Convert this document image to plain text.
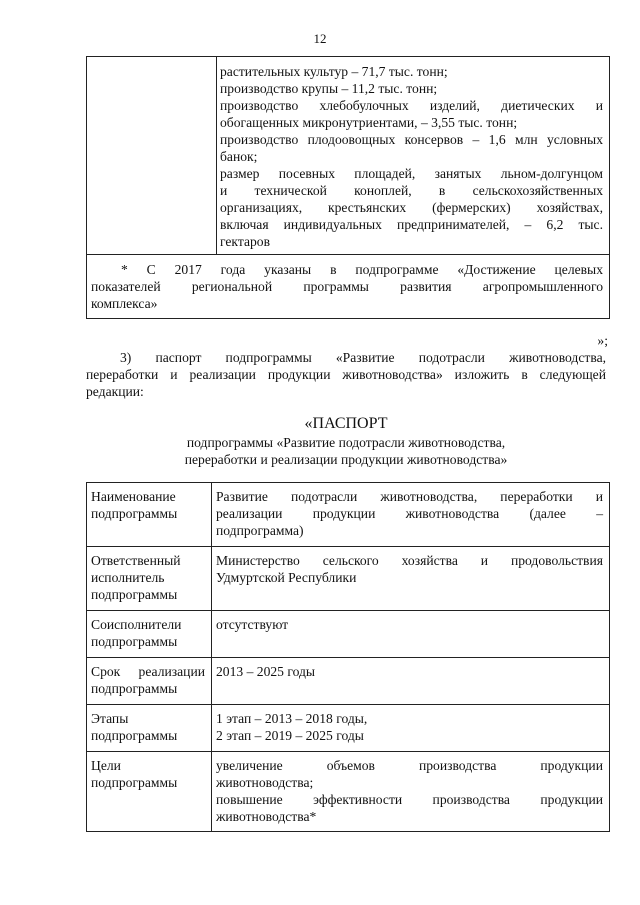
12

растительных культур – 71,7 тыс. тонн;
производство крупы – 11,2 тыс. тонн;
производство хлебобулочных изделий, диетических и
обогащенных микронутриентами, – 3,55 тыс. тонн;
производство плодоовощных консервов – 1,6 млн условных
банок;
размер посевных площадей, занятых льном-долгунцом
и технической коноплей, в сельскохозяйственных
организациях, крестьянских (фермерских) хозяйствах,
включая индивидуальных предпринимателей, – 6,2 тыс.
гектаров

* С 2017 года указаны в подпрограмме «Достижение целевых
показателей региональной программы развития агропромышленного
комплекса»
»;
3) паспорт подпрограммы «Развитие подотрасли животноводства,
переработки и реализации продукции животноводства» изложить в следующей
редакции:
«ПАСПОРТ
подпрограммы «Развитие подотрасли животноводства,
переработки и реализации продукции животноводства»
Наименование
подпрограммы	Развитие подотрасли животноводства, переработки и
реализации продукции животноводства (далее –
подпрограмма)

Ответственный
исполнитель
подпрограммы	Министерство сельского хозяйства и продовольствия
Удмуртской Республики

Соисполнители
подпрограммы	отсутствуют

Срок реализации
подпрограммы	2013 – 2025 годы

Этапы
подпрограммы	1 этап – 2013 – 2018 годы,
2 этап – 2019 – 2025 годы

Цели
подпрограммы	увеличение объемов производства продукции
животноводства;
повышение эффективности производства продукции
животноводства*
